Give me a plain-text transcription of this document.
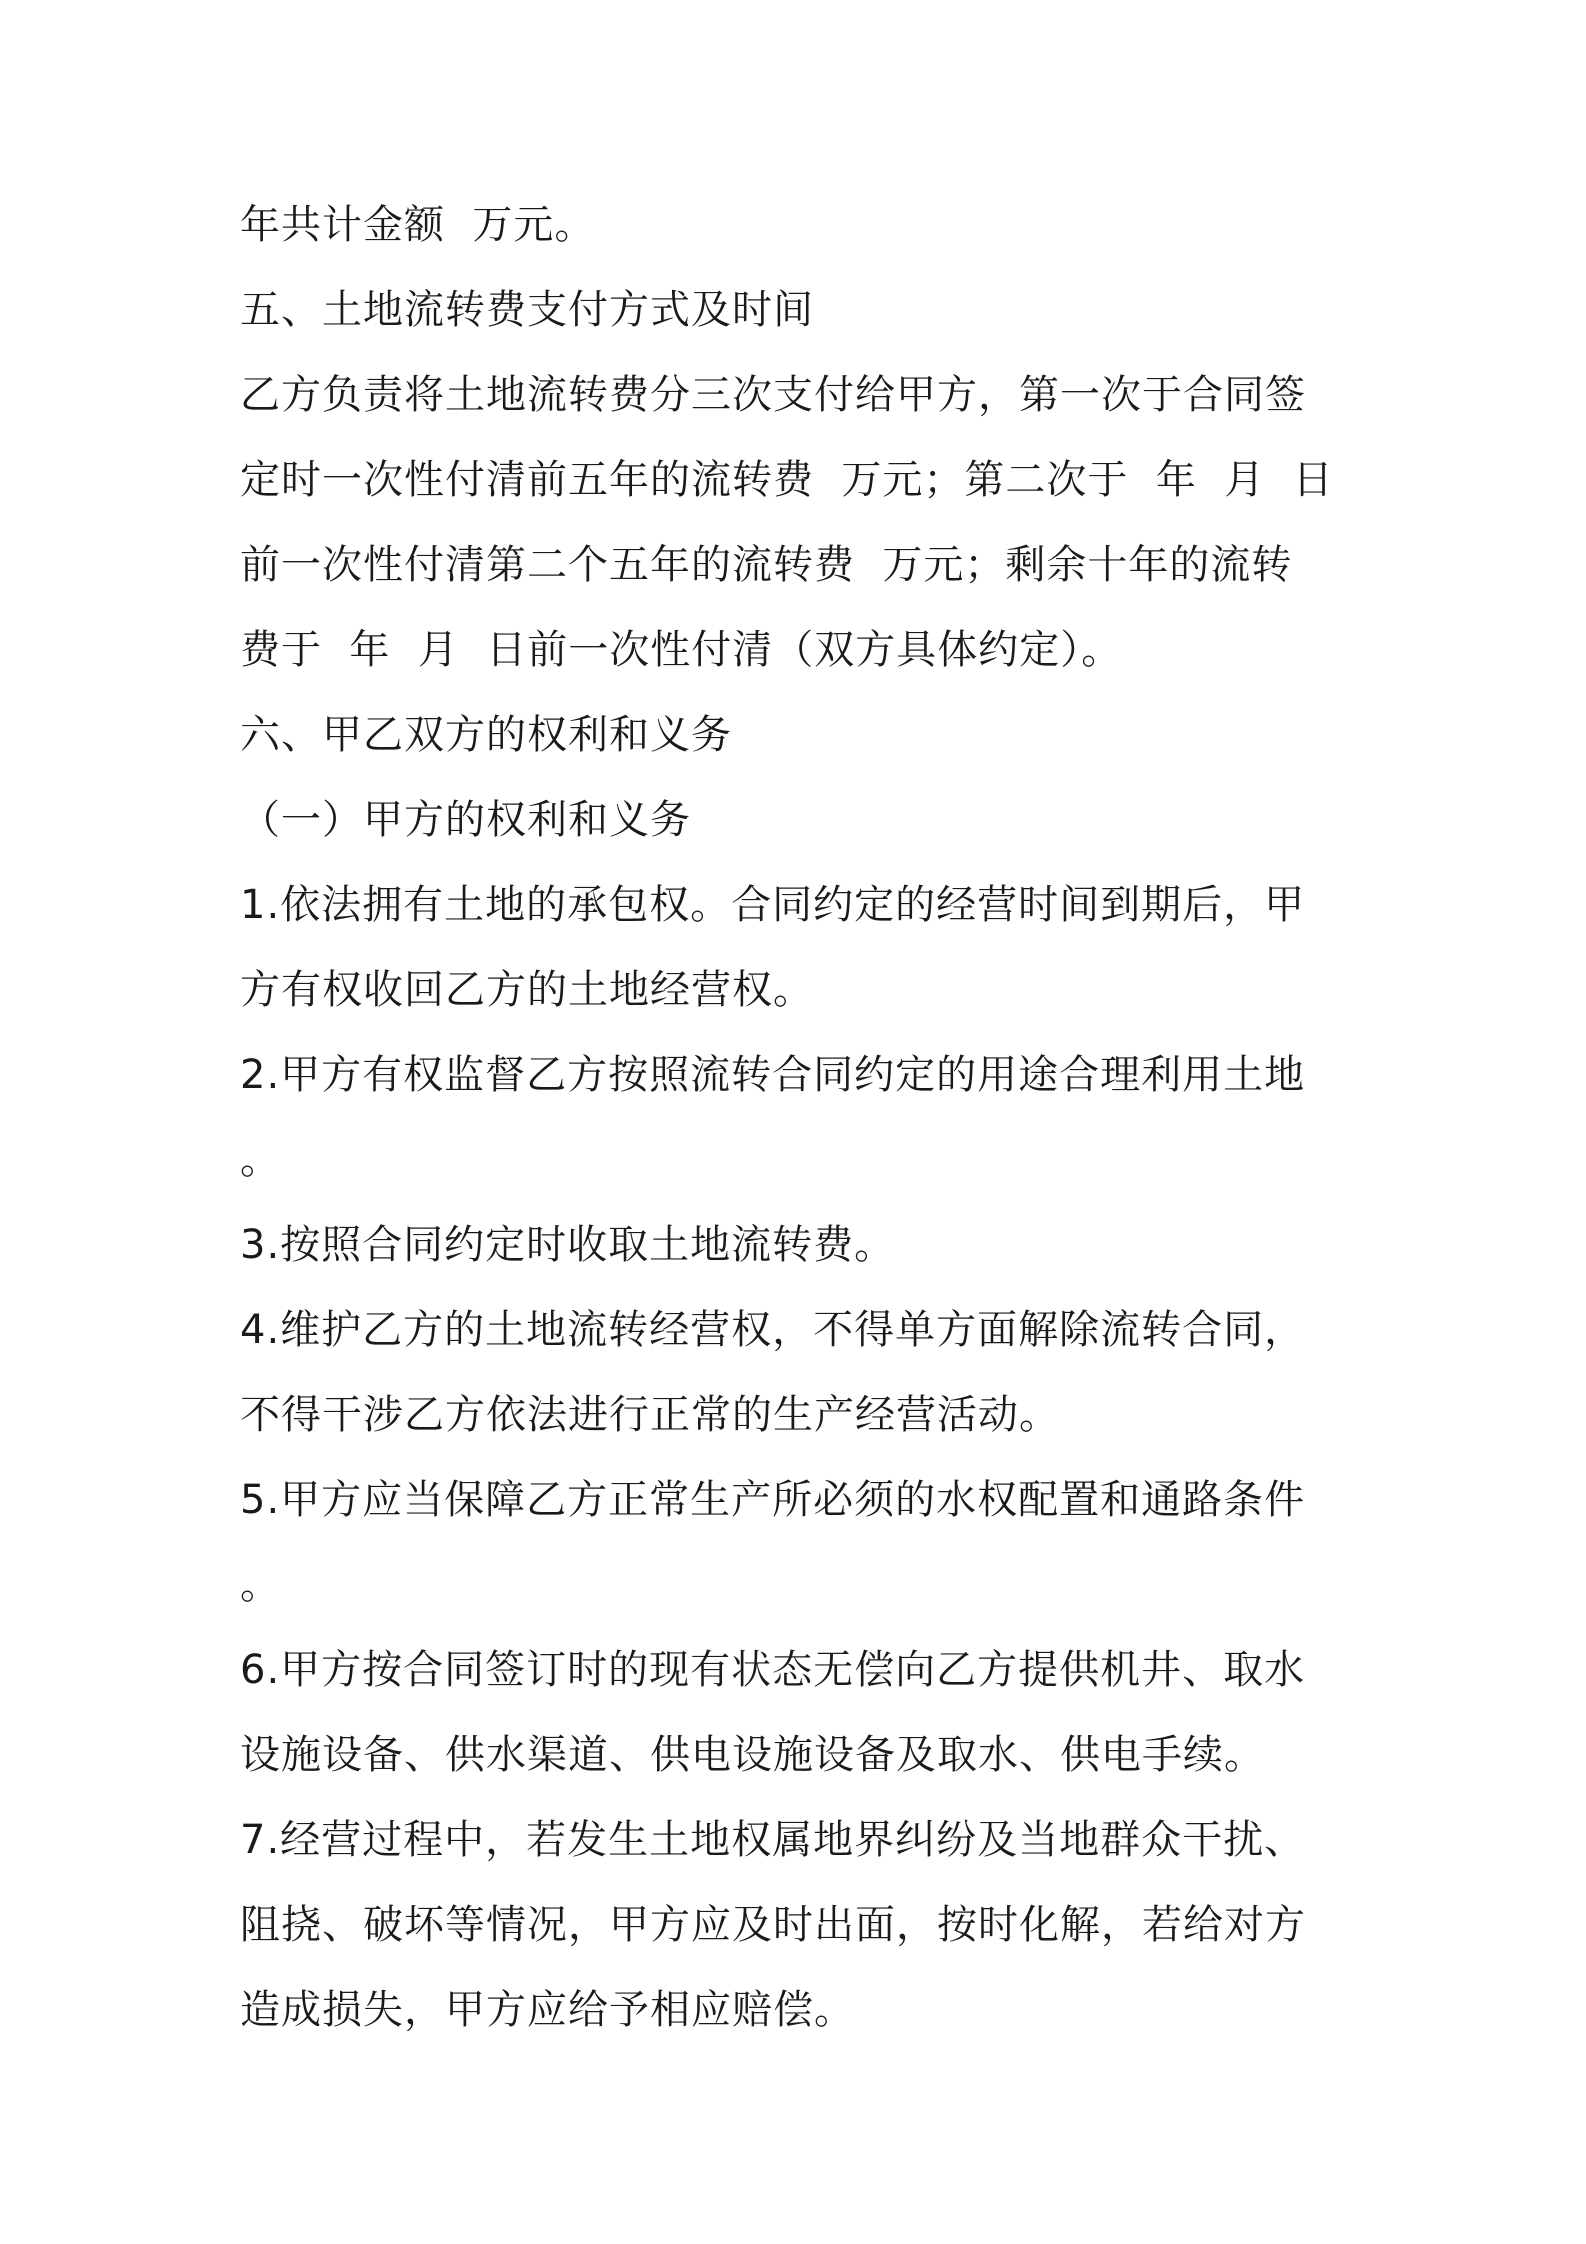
年共计金额  万元。
五、土地流转费支付方式及时间
乙方负责将土地流转费分三次支付给甲方，第一次于合同签
定时一次性付清前五年的流转费  万元；第二次于  年  月  日
前一次性付清第二个五年的流转费  万元；剩余十年的流转
费于  年  月  日前一次性付清（双方具体约定）。
六、甲乙双方的权利和义务
（一）甲方的权利和义务
1.依法拥有土地的承包权。合同约定的经营时间到期后，甲
方有权收回乙方的土地经营权。
2.甲方有权监督乙方按照流转合同约定的用途合理利用土地
。
3.按照合同约定时收取土地流转费。
4.维护乙方的土地流转经营权，不得单方面解除流转合同，
不得干涉乙方依法进行正常的生产经营活动。
5.甲方应当保障乙方正常生产所必须的水权配置和通路条件
。
6.甲方按合同签订时的现有状态无偿向乙方提供机井、取水
设施设备、供水渠道、供电设施设备及取水、供电手续。
7.经营过程中，若发生土地权属地界纠纷及当地群众干扰、
阻挠、破坏等情况，甲方应及时出面，按时化解，若给对方
造成损失，甲方应给予相应赔偿。
